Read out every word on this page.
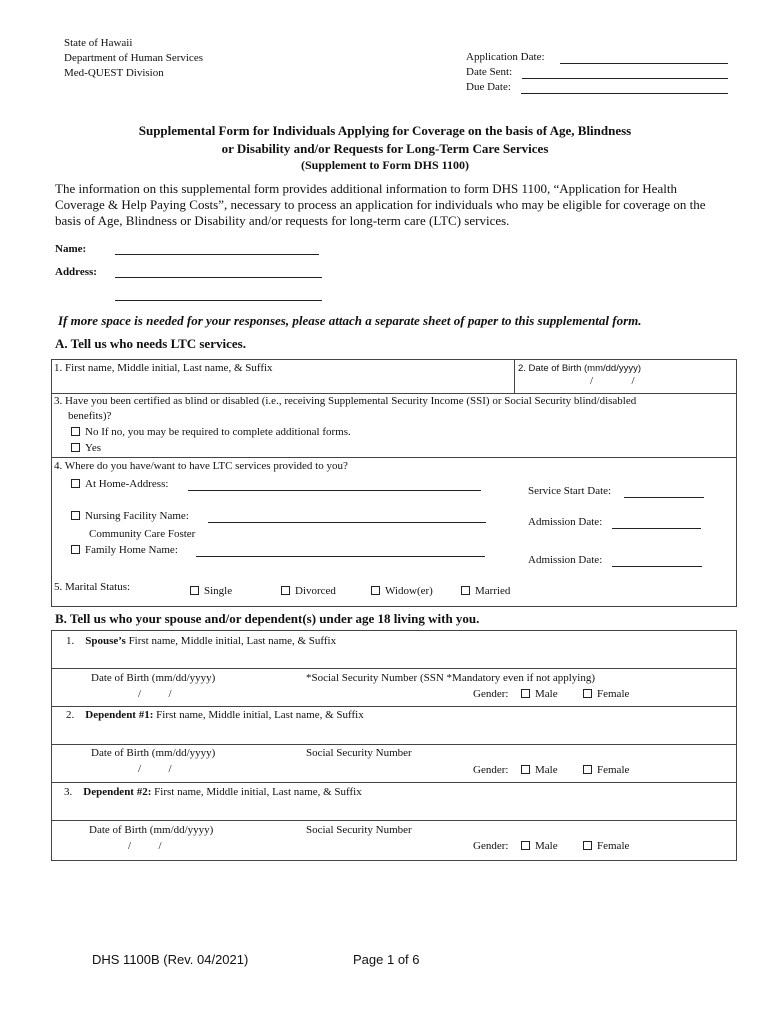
State of Hawaii
Department of Human Services
Med-QUEST Division
Application Date:
Date Sent:
Due Date:
Supplemental Form for Individuals Applying for Coverage on the basis of Age, Blindness
or Disability and/or Requests for Long-Term Care Services
(Supplement to Form DHS 1100)
The information on this supplemental form provides additional information to form DHS 1100, “Application for Health Coverage & Help Paying Costs”, necessary to process an application for individuals who may be eligible for coverage on the basis of Age, Blindness or Disability and/or requests for long-term care (LTC) services.
Name:
Address:
If more space is needed for your responses, please attach a separate sheet of paper to this supplemental form.
A. Tell us who needs LTC services.
1. First name, Middle initial, Last name, & Suffix	2. Date of Birth (mm/dd/yyyy)
/              /
3. Have you been certified as blind or disabled (i.e., receiving Supplemental Security Income (SSI) or Social Security blind/disabled
benefits)?
No If no, you may be required to complete additional forms.
Yes
4. Where do you have/want to have LTC services provided to you?
At Home-Address:
Service Start Date:
Nursing Facility Name:	Admission Date:
Community Care Foster
Family Home Name:
Admission Date:
5. Marital Status:	Single	Divorced	Widow(er)	Married
B. Tell us who your spouse and/or dependent(s) under age 18 living with you.
1. Spouse’s First name, Middle initial, Last name, & Suffix
Date of Birth (mm/dd/yyyy)
/          /
*Social Security Number (SSN *Mandatory even if not applying)
Gender:	Male	Female
2. Dependent #1: First name, Middle initial, Last name, & Suffix
Date of Birth (mm/dd/yyyy)
/          /
Social Security Number
Gender:	Male	Female
3. Dependent #2: First name, Middle initial, Last name, & Suffix
Date of Birth (mm/dd/yyyy)
/          /
Social Security Number
Gender:	Male	Female
DHS 1100B (Rev. 04/2021)	Page 1 of 6
